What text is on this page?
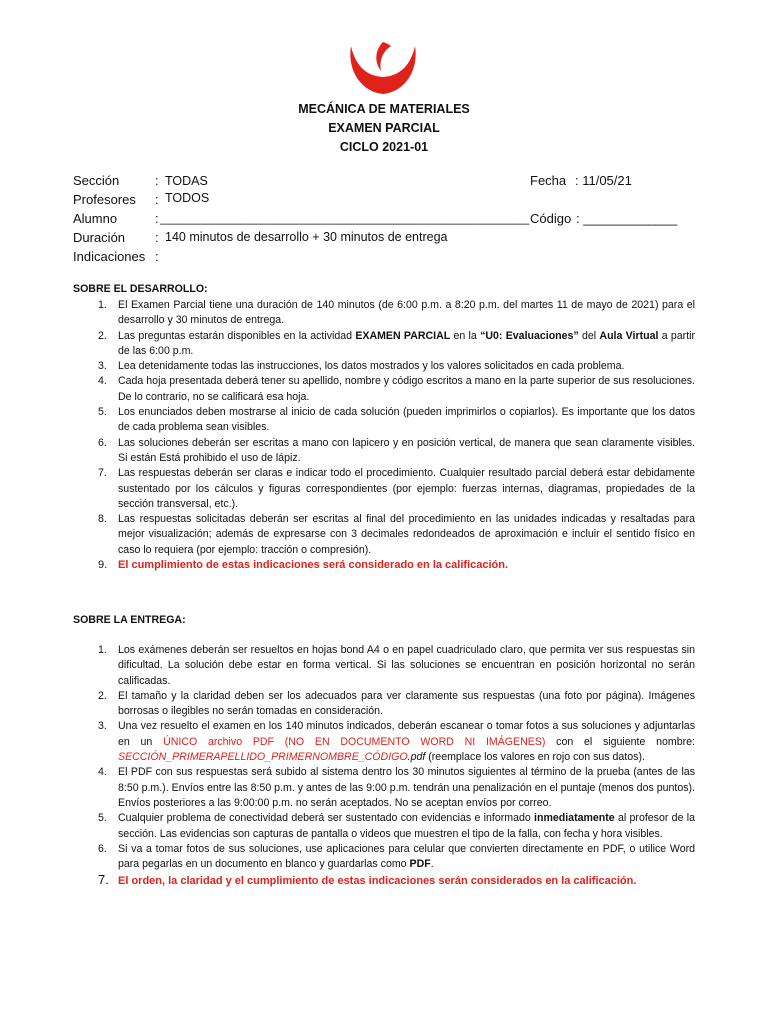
MECÁNICA DE MATERIALES
EXAMEN PARCIAL
CICLO 2021-01
Sección	: TODAS
Profesores : TODOS
Alumno	: _____________________________________________________
Duración : 140 minutos de desarrollo + 30 minutos de entrega
Indicaciones :
Fecha : 11/05/21
Código : _____________
SOBRE EL DESARROLLO:
1. El Examen Parcial tiene una duración de 140 minutos (de 6:00 p.m. a 8:20 p.m. del martes 11 de mayo de 2021) para el desarrollo y 30 minutos de entrega.
2. Las preguntas estarán disponibles en la actividad EXAMEN PARCIAL en la “U0: Evaluaciones” del Aula Virtual a partir de las 6:00 p.m.
3. Lea detenidamente todas las instrucciones, los datos mostrados y los valores solicitados en cada problema.
4. Cada hoja presentada deberá tener su apellido, nombre y código escritos a mano en la parte superior de sus resoluciones. De lo contrario, no se calificará esa hoja.
5. Los enunciados deben mostrarse al inicio de cada solución (pueden imprimirlos o copiarlos). Es importante que los datos de cada problema sean visibles.
6. Las soluciones deberán ser escritas a mano con lapicero y en posición vertical, de manera que sean claramente visibles. Si están Está prohibido el uso de lápiz.
7. Las respuestas deberán ser claras e indicar todo el procedimiento. Cualquier resultado parcial deberá estar debidamente sustentado por los cálculos y figuras correspondientes (por ejemplo: fuerzas internas, diagramas, propiedades de la sección transversal, etc.).
8. Las respuestas solicitadas deberán ser escritas al final del procedimiento en las unidades indicadas y resaltadas para mejor visualización; además de expresarse con 3 decimales redondeados de aproximación e incluir el sentido físico en caso lo requiera (por ejemplo: tracción o compresión).
9. El cumplimiento de estas indicaciones será considerado en la calificación.
SOBRE LA ENTREGA:
1. Los exámenes deberán ser resueltos en hojas bond A4 o en papel cuadriculado claro, que permita ver sus respuestas sin dificultad. La solución debe estar en forma vertical. Si las soluciones se encuentran en posición horizontal no serán calificadas.
2. El tamaño y la claridad deben ser los adecuados para ver claramente sus respuestas (una foto por página). Imágenes borrosas o ilegibles no serán tomadas en consideración.
3. Una vez resuelto el examen en los 140 minutos indicados, deberán escanear o tomar fotos a sus soluciones y adjuntarlas en un ÚNICO archivo PDF (NO EN DOCUMENTO WORD NI IMÁGENES) con el siguiente nombre: SECCIÓN_PRIMERAPELLIDO_PRIMERNOMBRE_CÓDIGO.pdf (reemplace los valores en rojo con sus datos).
4. El PDF con sus respuestas será subido al sistema dentro los 30 minutos siguientes al término de la prueba (antes de las 8:50 p.m.). Envíos entre las 8:50 p.m. y antes de las 9:00 p.m. tendrán una penalización en el puntaje (menos dos puntos). Envíos posteriores a las 9:00:00 p.m. no serán aceptados. No se aceptan envíos por correo.
5. Cualquier problema de conectividad deberá ser sustentado con evidencias e informado inmediatamente al profesor de la sección. Las evidencias son capturas de pantalla o videos que muestren el tipo de la falla, con fecha y hora visibles.
6. Si va a tomar fotos de sus soluciones, use aplicaciones para celular que convierten directamente en PDF, o utilice Word para pegarlas en un documento en blanco y guardarlas como PDF.
7. El orden, la claridad y el cumplimiento de estas indicaciones serán considerados en la calificación.
